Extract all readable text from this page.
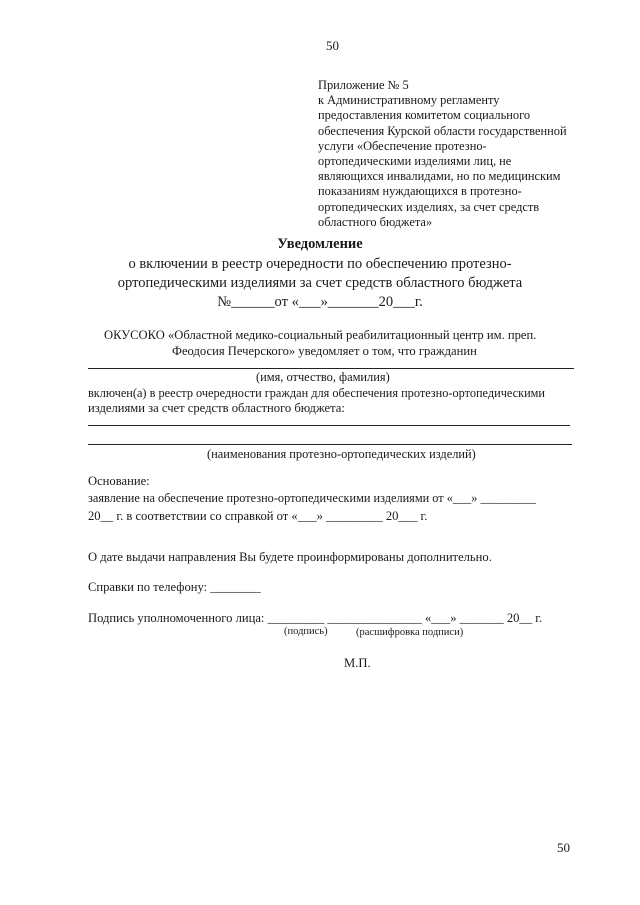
50
Приложение № 5
к Административному регламенту
предоставления комитетом социального
обеспечения Курской области государственной
услуги «Обеспечение протезно-
ортопедическими изделиями лиц, не
являющихся инвалидами, но по медицинским
показаниям нуждающихся в протезно-
ортопедических изделиях, за счет средств
областного бюджета»
Уведомление
о включении в реестр очередности по обеспечению протезно-
ортопедическими изделиями за счет средств областного бюджета
№______от «___»_______20___г.
ОКУСОКО «Областной медико-социальный реабилитационный центр им. преп.
Феодосия Печерского» уведомляет о том, что гражданин
(имя, отчество, фамилия)
включен(а) в реестр очередности граждан для обеспечения протезно-ортопедическими
изделиями за счет средств областного бюджета:
(наименования протезно-ортопедических изделий)
Основание:
заявление на обеспечение протезно-ортопедическими изделиями от «___» _________
20__ г. в соответствии со справкой от «___» _________ 20___ г.
О дате выдачи направления Вы будете проинформированы дополнительно.
Справки по телефону: ________
Подпись уполномоченного лица: _________ _______________ «___» _______ 20__ г.
(подпись)	(расшифровка подписи)
М.П.
50
